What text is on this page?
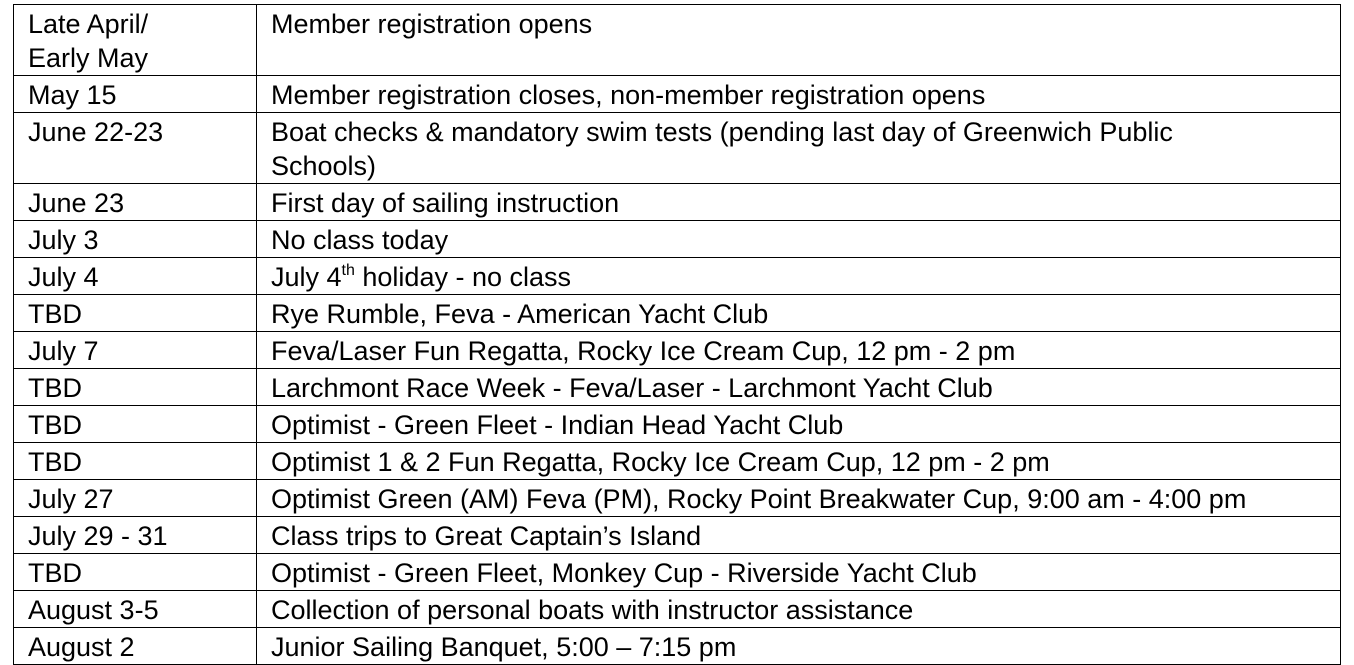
Late April/
Early May	Member registration opens
May 15	Member registration closes, non-member registration opens
June 22-23	Boat checks & mandatory swim tests (pending last day of Greenwich Public
Schools)

June 23	First day of sailing instruction
July 3	No class today
July 4	July 4th holiday - no class
TBD	Rye Rumble, Feva - American Yacht Club
July 7	Feva/Laser Fun Regatta, Rocky Ice Cream Cup, 12 pm - 2 pm
TBD	Larchmont Race Week - Feva/Laser - Larchmont Yacht Club
TBD	Optimist - Green Fleet - Indian Head Yacht Club
TBD	Optimist 1 & 2 Fun Regatta, Rocky Ice Cream Cup, 12 pm - 2 pm
July 27	Optimist Green (AM) Feva (PM), Rocky Point Breakwater Cup, 9:00 am - 4:00 pm
July 29 - 31	Class trips to Great Captain’s Island
TBD	Optimist - Green Fleet, Monkey Cup - Riverside Yacht Club
August 3-5	Collection of personal boats with instructor assistance
August 2	Junior Sailing Banquet, 5:00 – 7:15 pm
